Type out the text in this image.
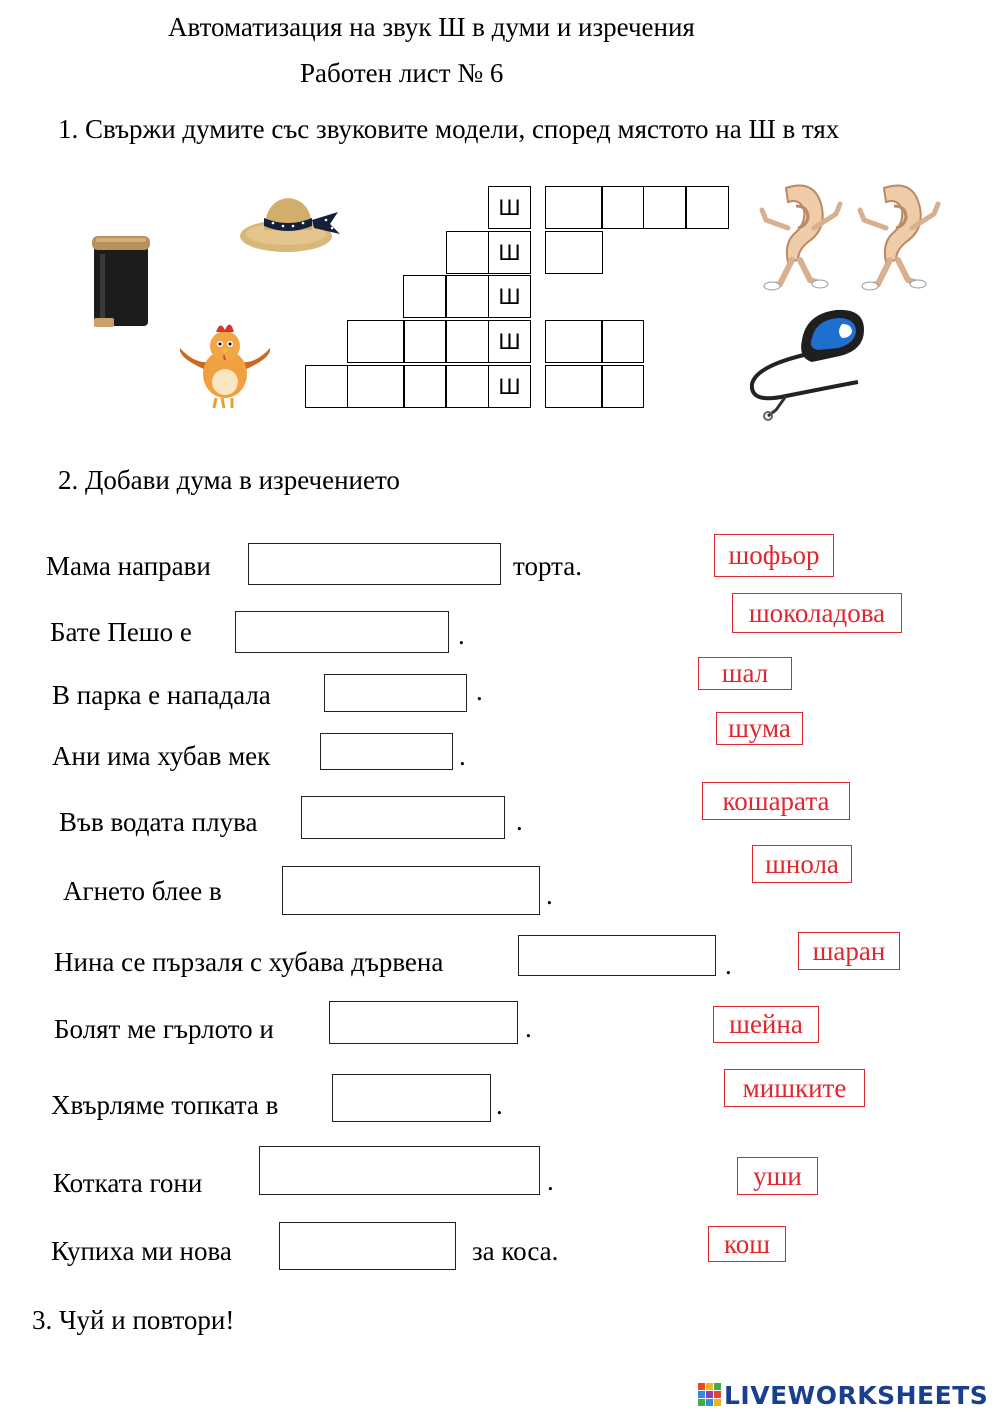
Автоматизация на звук Ш в думи и изречения
Работен лист № 6
1. Свържи думите със звуковите модели, според мястото на Ш в тях
Ш
Ш
Ш
Ш
Ш
2. Добави дума в изречението
Мама направи	торта.
Бате Пешо е	.
В парка е нападала	.
Ани има хубав мек	.
Във водата плува	.
Агнето блее в	.
Нина се пързаля с хубава дървена	.
Болят ме гърлото и	.
Хвърляме топката в	.
Котката гони	.
Купиха ми нова	за коса.
шофьор
шоколадова
шал
шума
кошарата
шнола
шаран
шейна
мишките
уши
кош
3. Чуй и повтори!
LIVEWORKSHEETS
